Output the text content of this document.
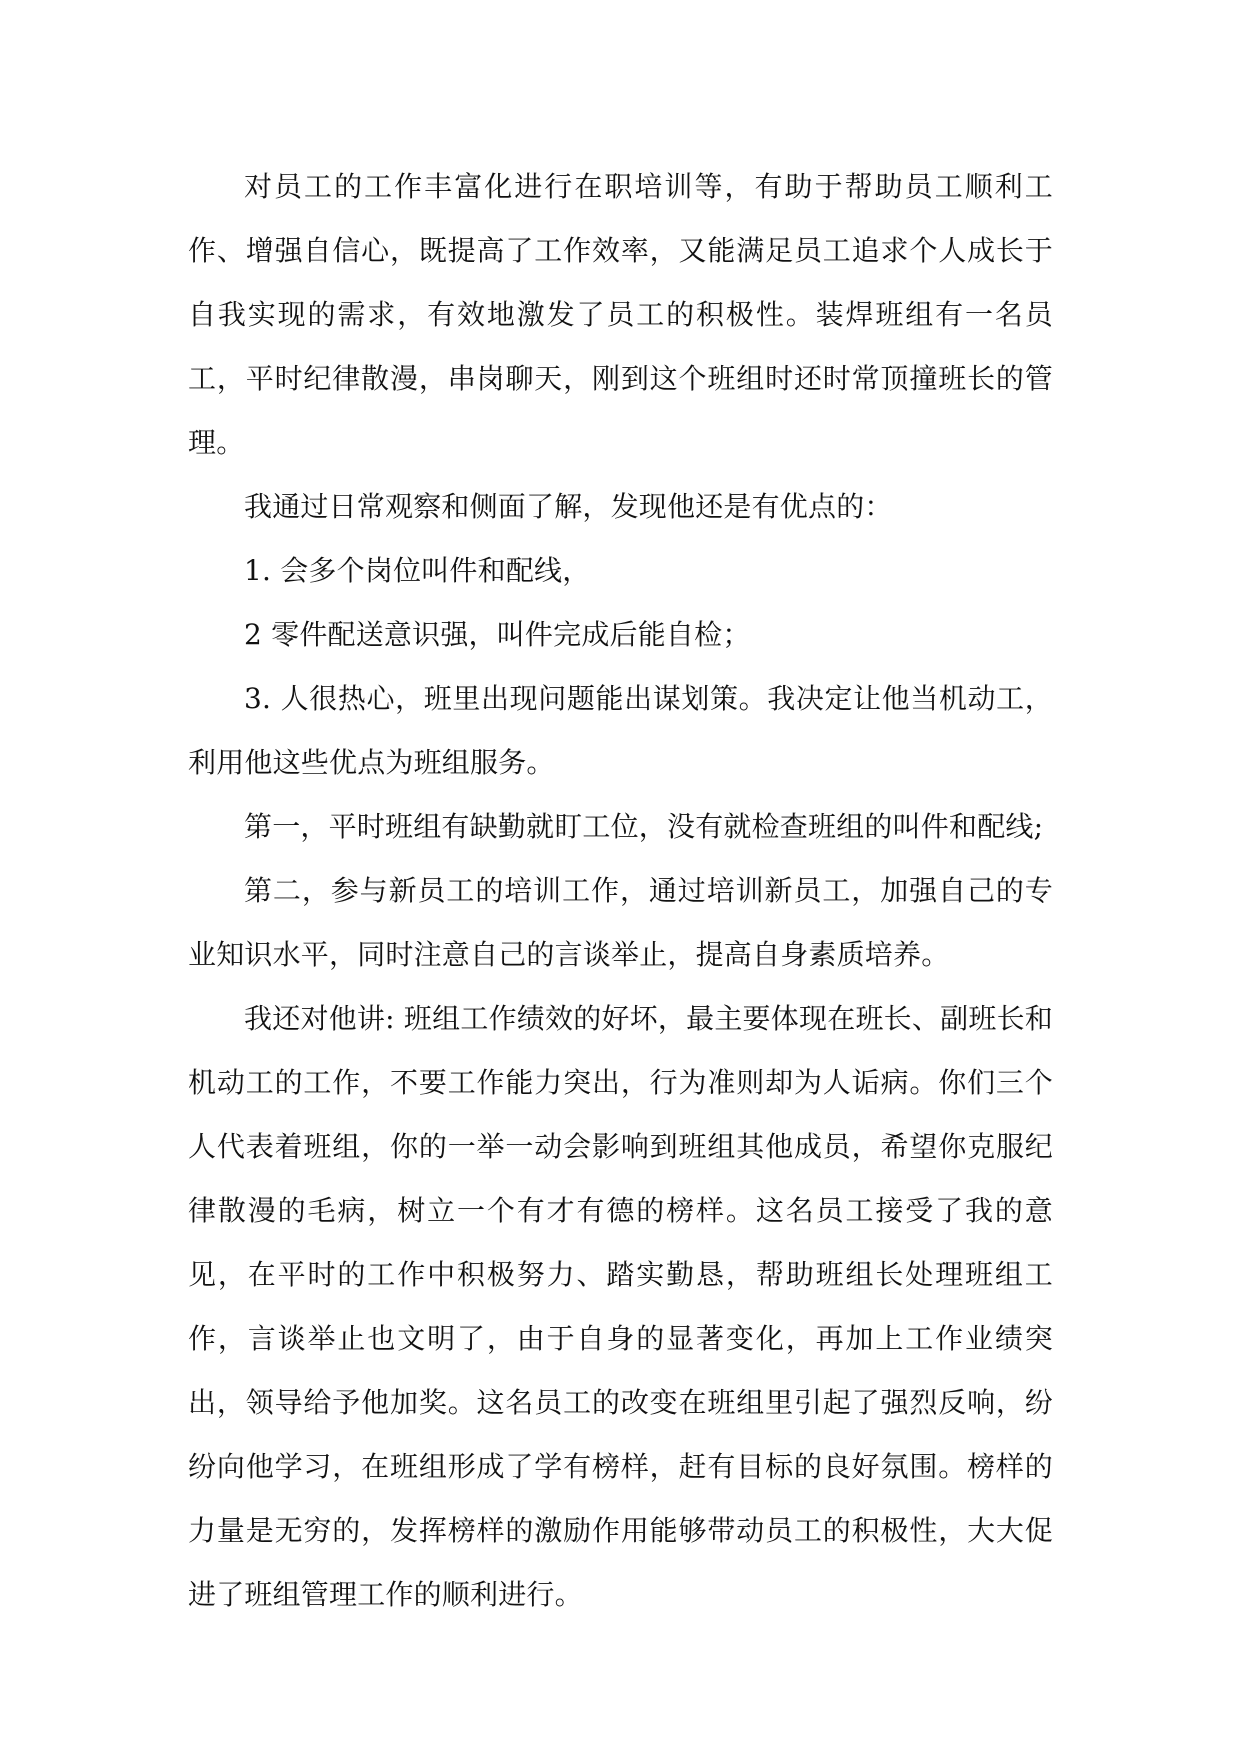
对员工的工作丰富化进行在职培训等，有助于帮助员工顺利工作、增强自信心，既提高了工作效率，又能满足员工追求个人成长于自我实现的需求，有效地激发了员工的积极性。装焊班组有一名员工，平时纪律散漫，串岗聊天，刚到这个班组时还时常顶撞班长的管理。

我通过日常观察和侧面了解，发现他还是有优点的：

1. 会多个岗位叫件和配线，

2 零件配送意识强，叫件完成后能自检；

3. 人很热心，班里出现问题能出谋划策。我决定让他当机动工，利用他这些优点为班组服务。

第一，平时班组有缺勤就盯工位，没有就检查班组的叫件和配线;

第二，参与新员工的培训工作，通过培训新员工，加强自己的专业知识水平，同时注意自己的言谈举止，提高自身素质培养。

我还对他讲: 班组工作绩效的好坏，最主要体现在班长、副班长和机动工的工作，不要工作能力突出，行为准则却为人诟病。你们三个人代表着班组，你的一举一动会影响到班组其他成员，希望你克服纪律散漫的毛病，树立一个有才有德的榜样。这名员工接受了我的意见，在平时的工作中积极努力、踏实勤恳，帮助班组长处理班组工作，言谈举止也文明了，由于自身的显著变化，再加上工作业绩突出，领导给予他加奖。这名员工的改变在班组里引起了强烈反响，纷纷向他学习，在班组形成了学有榜样，赶有目标的良好氛围。榜样的力量是无穷的，发挥榜样的激励作用能够带动员工的积极性，大大促进了班组管理工作的顺利进行。
